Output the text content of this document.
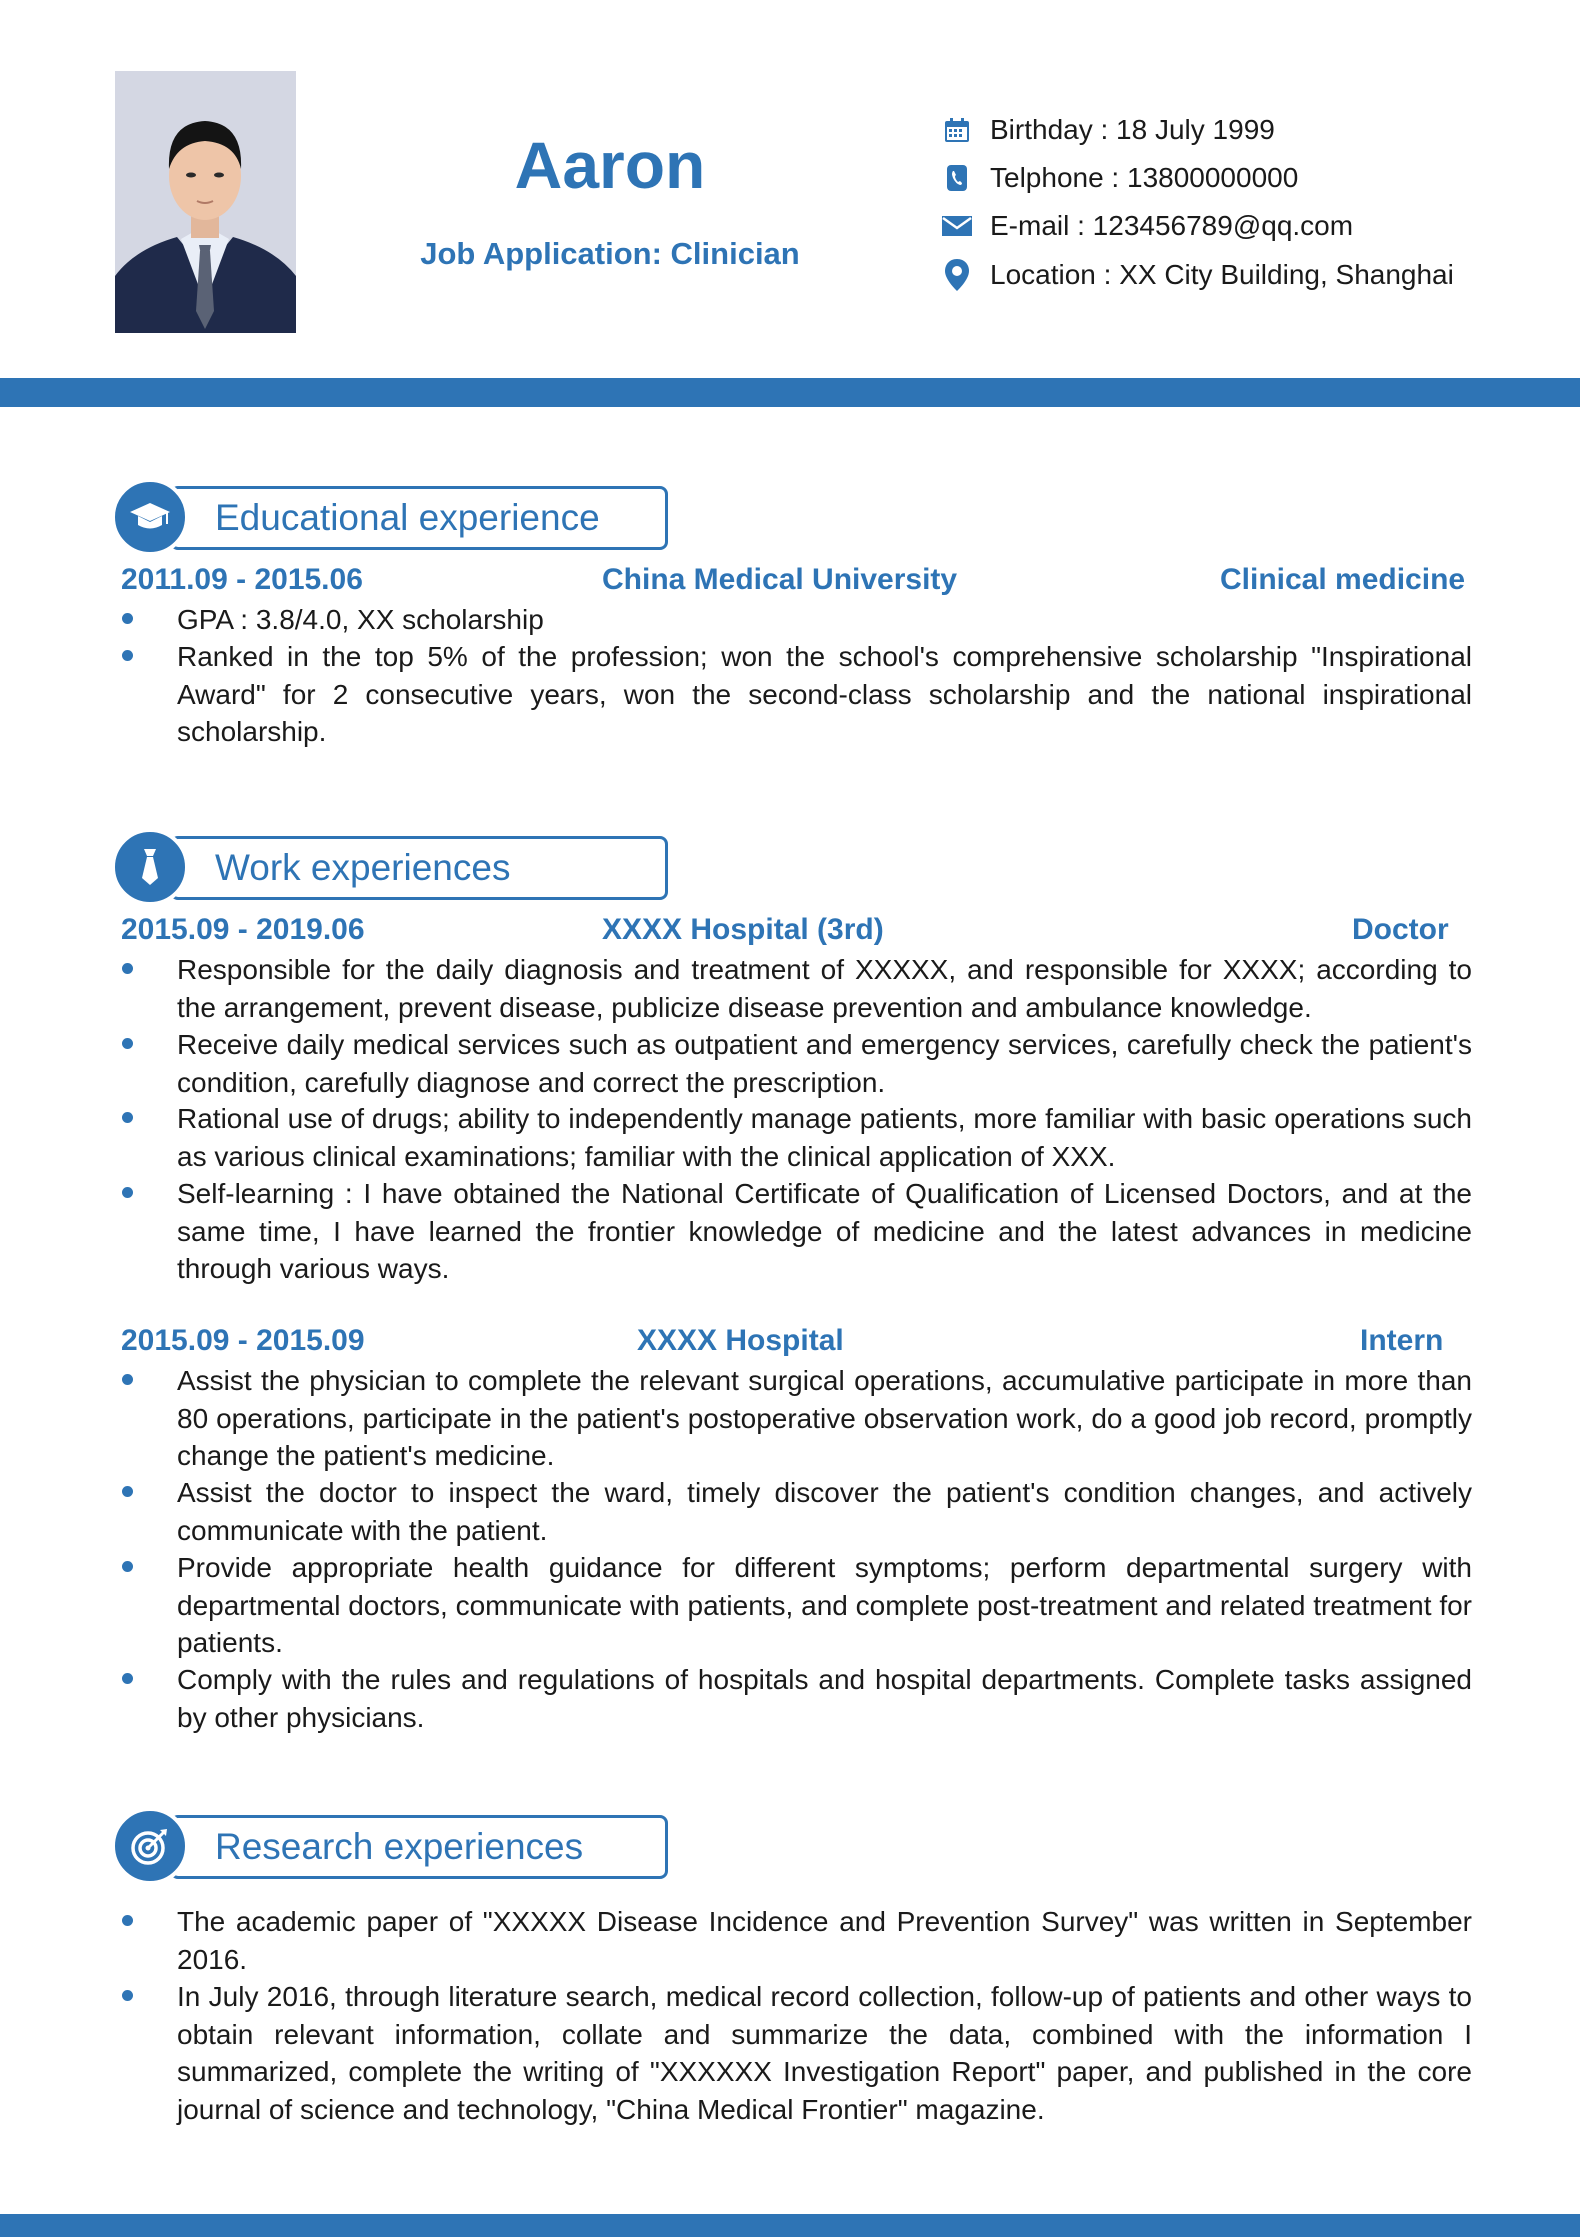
Aaron
Job Application: Clinician
Birthday : 18 July 1999
Telphone : 13800000000
E-mail : 123456789@qq.com
Location : XX City Building, Shanghai
Educational experience
2011.09 - 2015.06	China Medical University	Clinical medicine
GPA : 3.8/4.0, XX scholarship
Ranked in the top 5% of the profession; won the school's comprehensive scholarship "Inspirational Award" for 2 consecutive years, won the second-class scholarship and the national inspirational scholarship.
Work experiences
2015.09 - 2019.06	XXXX Hospital (3rd)	Doctor
Responsible for the daily diagnosis and treatment of XXXXX, and responsible for XXXX; according to the arrangement, prevent disease, publicize disease prevention and ambulance knowledge.
Receive daily medical services such as outpatient and emergency services, carefully check the patient's condition, carefully diagnose and correct the prescription.
Rational use of drugs; ability to independently manage patients, more familiar with basic operations such as various clinical examinations; familiar with the clinical application of XXX.
Self-learning : I have obtained the National Certificate of Qualification of Licensed Doctors, and at the same time, I have learned the frontier knowledge of medicine and the latest advances in medicine through various ways.
2015.09 - 2015.09	XXXX Hospital	Intern
Assist the physician to complete the relevant surgical operations, accumulative participate in more than 80 operations, participate in the patient's postoperative observation work, do a good job record, promptly change the patient's medicine.
Assist the doctor to inspect the ward, timely discover the patient's condition changes, and actively communicate with the patient.
Provide appropriate health guidance for different symptoms; perform departmental surgery with departmental doctors, communicate with patients, and complete post-treatment and related treatment for patients.
Comply with the rules and regulations of hospitals and hospital departments. Complete tasks assigned by other physicians.
Research experiences
The academic paper of "XXXXX Disease Incidence and Prevention Survey" was written in September 2016.
In July 2016, through literature search, medical record collection, follow-up of patients and other ways to obtain relevant information, collate and summarize the data, combined with the information I summarized, complete the writing of "XXXXXX Investigation Report" paper, and published in the core journal of science and technology, "China Medical Frontier" magazine.
